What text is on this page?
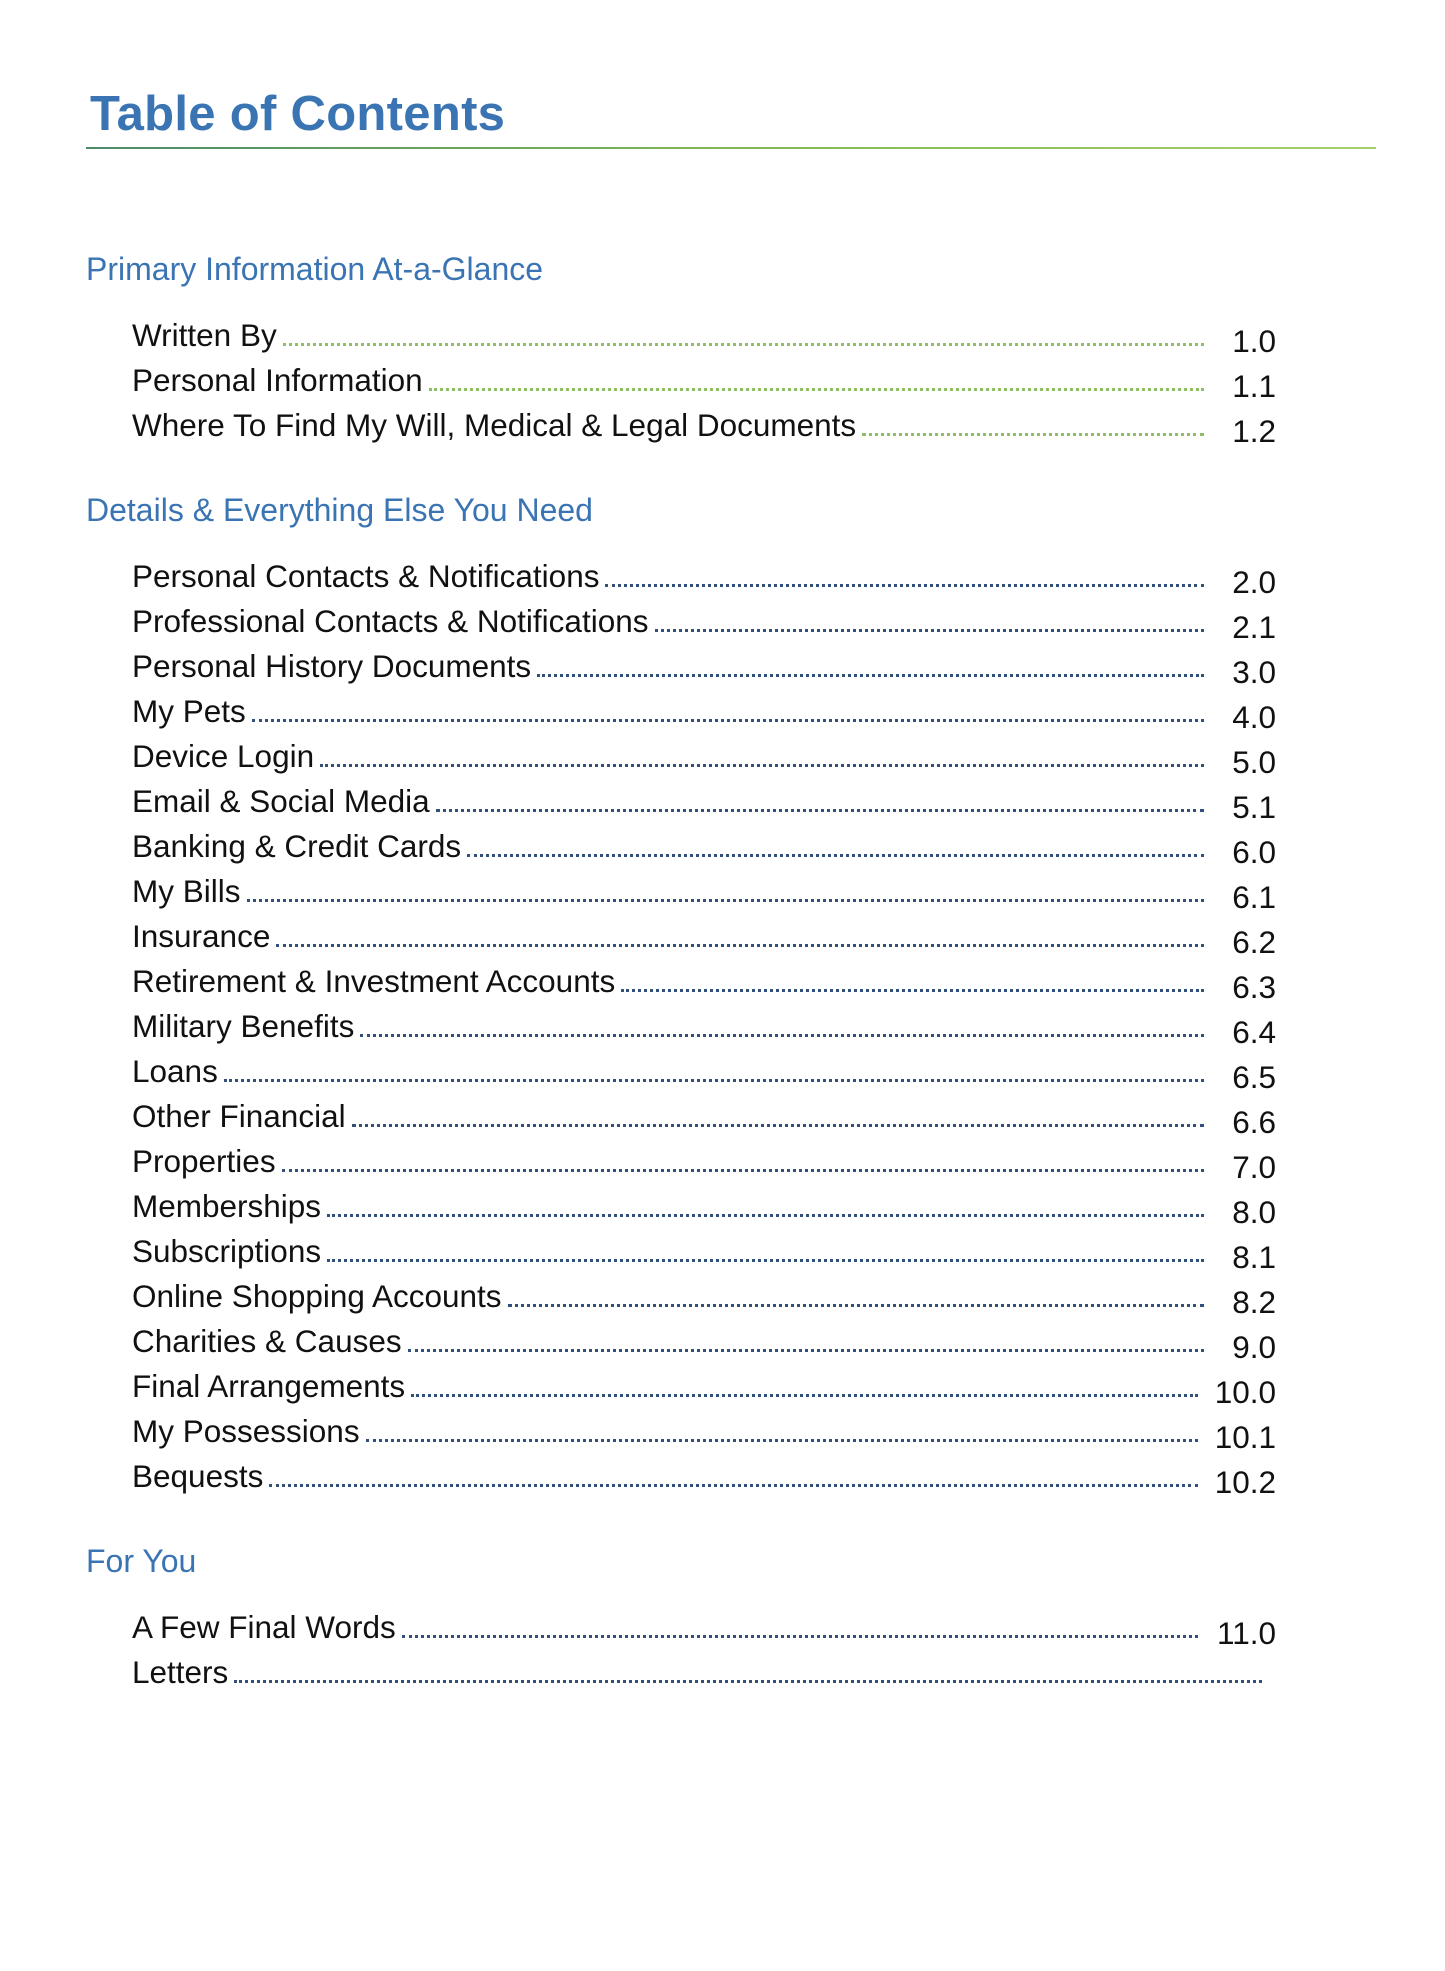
Table of Contents
Primary Information At-a-Glance
Written By	1.0
Personal Information	1.1
Where To Find My Will, Medical & Legal Documents	1.2
Details & Everything Else You Need
Personal Contacts & Notifications	2.0
Professional Contacts & Notifications	2.1
Personal History Documents	3.0
My Pets	4.0
Device Login	5.0
Email & Social Media	5.1
Banking & Credit Cards	6.0
My Bills	6.1
Insurance	6.2
Retirement & Investment Accounts	6.3
Military Benefits	6.4
Loans	6.5
Other Financial	6.6
Properties	7.0
Memberships	8.0
Subscriptions	8.1
Online Shopping Accounts	8.2
Charities & Causes	9.0
Final Arrangements	10.0
My Possessions	10.1
Bequests	10.2
For You
A Few Final Words	11.0
Letters
